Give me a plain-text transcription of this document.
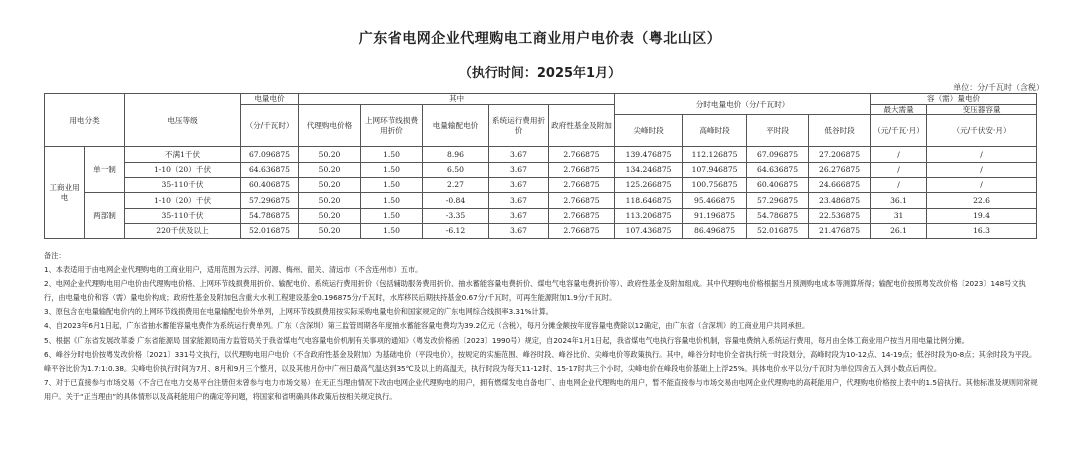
广东省电网企业代理购电工商业用户电价表（粤北山区）
（执行时间：2025年1月）
单位：分/千瓦时（含税）
用电分类		电压等级	电量电价	其中					分时电量电价（分/千瓦时）				容（需）量电价	
			（分/千瓦时）	代理购电价格	上网环节线损费用折价	电量输配电价	系统运行费用折价	政府性基金及附加					最大需量	变压器容量
									尖峰时段	高峰时段	平时段	低谷时段	（元/千瓦·月）	（元/千伏安·月）
工商业用电	单一制	不满1千伏	67.096875	50.20	1.50	8.96	3.67	2.766875	139.476875	112.126875	67.096875	27.206875	/	/
		1-10（20）千伏	64.636875	50.20	1.50	6.50	3.67	2.766875	134.246875	107.946875	64.636875	26.276875	/	/
		35-110千伏	60.406875	50.20	1.50	2.27	3.67	2.766875	125.266875	100.756875	60.406875	24.666875	/	/
	两部制	1-10（20）千伏	57.296875	50.20	1.50	-0.84	3.67	2.766875	118.646875	95.466875	57.296875	23.486875	36.1	22.6
		35-110千伏	54.786875	50.20	1.50	-3.35	3.67	2.766875	113.206875	91.196875	54.786875	22.536875	31	19.4
		220千伏及以上	52.016875	50.20	1.50	-6.12	3.67	2.766875	107.436875	86.496875	52.016875	21.476875	26.1	16.3

备注：

1、本表适用于由电网企业代理购电的工商业用户，适用范围为云浮、河源、梅州、韶关、清远市（不含连州市）五市。

2、电网企业代理购电用户电价由代理购电价格、上网环节线损费用折价、输配电价、系统运行费用折价（包括辅助服务费用折价、抽水蓄能容量电费折价、煤电气电容量电费折价等）、政府性基金及附加组成。其中代理购电价格根据当月预测购电成本等测算所得；输配电价按照粤发改价格〔2023〕148号文执行，由电量电价和容（需）量电价构成；政府性基金及附加包含重大水利工程建设基金0.196875分/千瓦时，水库移民后期扶持基金0.67分/千瓦时，可再生能源附加1.9分/千瓦时。

3、原包含在电量输配电价内的上网环节线损费用在电量输配电价外单列，上网环节线损费用按实际采购电量电价和国家规定的广东电网综合线损率3.31%计算。

4、自2023年6月1日起，广东省抽水蓄能容量电费作为系统运行费单列。广东（含深圳）第三监管周期各年度抽水蓄能容量电费均为39.2亿元（含税），每月分摊金额按年度容量电费除以12确定，由广东省（含深圳）的工商业用户共同承担。

5、根据《广东省发展改革委 广东省能源局 国家能源局南方监管局关于我省煤电气电容量电价机制有关事项的通知》（粤发改价格函〔2023〕1990号）规定，自2024年1月1日起，我省煤电气电执行容量电价机制，容量电费纳入系统运行费用，每月由全体工商业用户按当月用电量比例分摊。

6、峰谷分时电价按粤发改价格〔2021〕331号文执行，以代理购电用户电价（不含政府性基金及附加）为基础电价（平段电价），按规定的实施范围、峰谷时段、峰谷比价、尖峰电价等政策执行。其中，峰谷分时电价全省执行统一时段划分，高峰时段为10-12点、14-19点；低谷时段为0-8点；其余时段为平段。峰平谷比价为1.7:1:0.38。尖峰电价执行时间为7月、8月和9月三个整月，以及其他月份中广州日最高气温达到35℃及以上的高温天，执行时段为每天11-12时、15-17时共三个小时，尖峰电价在峰段电价基础上上浮25%。具体电价水平以分/千瓦时为单位四舍五入到小数点后两位。

7、对于已直接参与市场交易（不含已在电力交易平台注册但未曾参与电力市场交易）在无正当理由情况下改由电网企业代理购电的用户，拥有燃煤发电自备电厂、由电网企业代理购电的用户，暂不能直接参与市场交易由电网企业代理购电的高耗能用户，代理购电价格按上表中的1.5倍执行。其他标准及规则同常规用户。关于“正当理由”的具体情形以及高耗能用户的确定等问题，将国家和省明确具体政策后按相关规定执行。
